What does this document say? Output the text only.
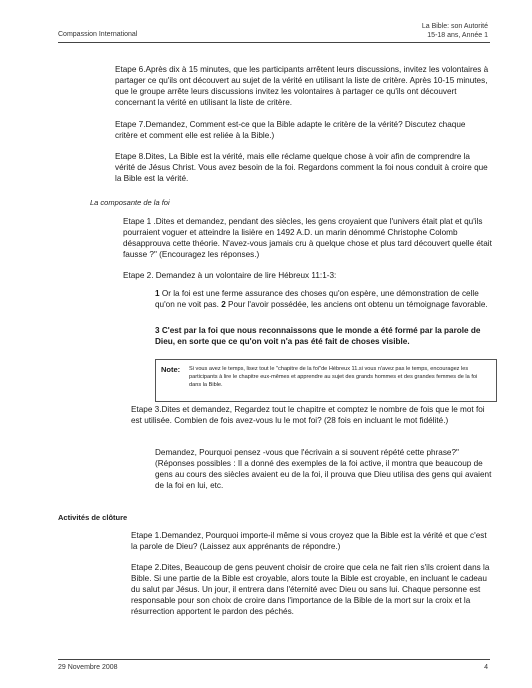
Compassion International
La Bible: son Autorité
15-18 ans, Année 1

Etape 6.Après dix à 15 minutes, que les participants arrêtent leurs discussions, invitez les volontaires à partager ce qu'ils ont découvert au sujet de la vérité en utilisant la liste de critère. Après 10-15 minutes, que le groupe arrête leurs discussions invitez les volontaires à partager ce qu'ils ont découvert concernant la vérité en utilisant la liste de critère.

Etape 7.Demandez, Comment est-ce que la Bible adapte le critère de la vérité? Discutez chaque critère et comment elle est reliée à la Bible.)

Etape 8.Dites, La Bible est la vérité, mais elle réclame quelque chose à voir afin de comprendre la vérité de Jésus Christ. Vous avez besoin de la foi. Regardons comment la foi nous conduit à croire que la Bible est la vérité.

La composante de la foi

Etape 1 .Dites et demandez, pendant des siècles, les gens croyaient que l'univers était plat et qu'ils pourraient voguer et atteindre la lisière en 1492 A.D. un marin dénommé Christophe Colomb désapprouva cette théorie. N'avez-vous jamais cru à quelque chose et plus tard découvert quelle était fausse ?" (Encouragez les réponses.)

Etape 2. Demandez à un volontaire de lire Hébreux 11:1-3:

1 Or la foi est une ferme assurance des choses qu'on espère, une démonstration de celle qu'on ne voit pas. 2 Pour l'avoir possédée, les anciens ont obtenu un témoignage favorable.

3 C'est par la foi que nous reconnaissons que le monde a été formé par la parole de Dieu, en sorte que ce qu'on voit n'a pas été fait de choses visible.

Note: Si vous avez le temps, lisez tout le "chapitre de la foi"de Hébreux 11.si vous n'avez pas le temps, encouragez les participants à lire le chapitre eux-mêmes et apprendre au sujet des grands hommes et des grandes femmes de la foi dans la Bible.

Etape 3.Dites et demandez, Regardez tout le chapitre et comptez le nombre de fois que le mot foi est utilisée. Combien de fois avez-vous lu le mot foi? (28 fois en incluant le mot fidélité.)

Demandez, Pourquoi pensez -vous que l'écrivain a si souvent répété cette phrase?" (Réponses possibles : Il a donné des exemples de la foi active, il montra que beaucoup de gens au cours des siècles avaient eu de la foi, il prouva que Dieu utilisa des gens qui avaient de la foi en lui, etc.

Activités de clôture

Etape 1.Demandez, Pourquoi importe-il même si vous croyez que la Bible est la vérité et que c'est la parole de Dieu? (Laissez aux apprénants de répondre.)

Etape 2.Dites, Beaucoup de gens peuvent choisir de croire que cela ne fait rien s'ils croient dans la Bible. Si une partie de la Bible est croyable, alors toute la Bible est croyable, en incluant le cadeau du salut par Jésus. Un jour, il entrera dans l'éternité avec Dieu ou sans lui. Chaque personne est responsable pour son choix de croire dans l'importance de la Bible de la mort sur la croix et la résurrection apportent le pardon des péchés.

29 Novembre 2008	4
